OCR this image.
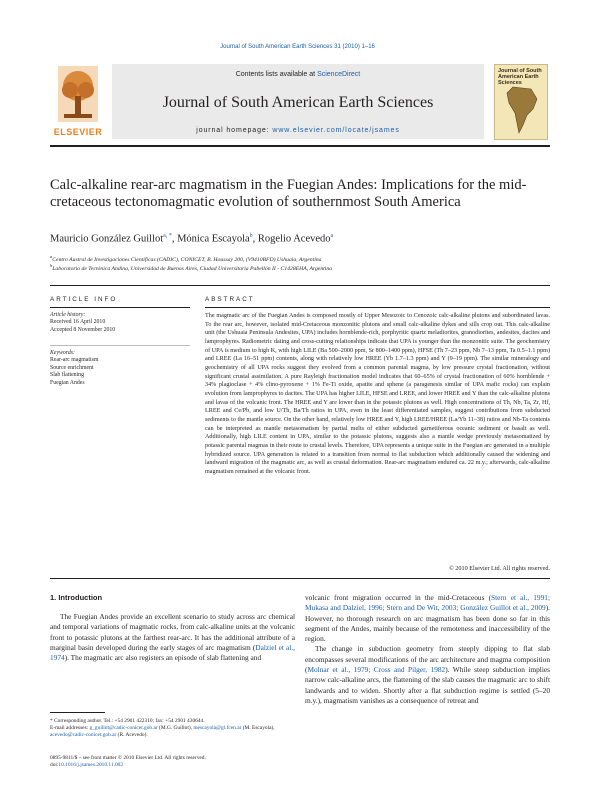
Journal of South American Earth Sciences 31 (2010) 1–16
ELSEVIER
Contents lists available at ScienceDirect
Journal of South American Earth Sciences
journal homepage: www.elsevier.com/locate/jsames
Journal of South American Earth Sciences
Calc-alkaline rear-arc magmatism in the Fuegian Andes: Implications for the mid-cretaceous tectonomagmatic evolution of southernmost South America
Mauricio González Guillot$^{a, *}$, Mónica Escayola$^b$, Rogelio Acevedo$^a$
$^a$Centro Austral de Investigaciones Científicas (CADIC), CONICET, B. Houssay 200, (V9410BFD) Ushuaia, Argentina
$^b$Laboratorio de Tectónica Andina, Universidad de Buenos Aires, Ciudad Universitaria Pabellón II - C1428EHA, Argentina
ARTICLE INFO	ABSTRACT
Article history:
Received 16 April 2010
Accepted 8 November 2010
Keywords:
Rear-arc magmatism
Source enrichment
Slab flattening
Fuegian Andes
The magmatic arc of the Fuegian Andes is composed mostly of Upper Mesozoic to Cenozoic calc-alkaline plutons and subordinated lavas. To the rear arc, however, isolated mid-Cretaceous monzonitic plutons and small calc-alkaline dykes and sills crop out. This calc-alkaline unit (the Ushuaia Peninsula Andesites, UPA) includes hornblende-rich, porphyritic quartz meladiorites, granodiorites, andesites, dacites and lamprophyres. Radiometric dating and cross-cutting relationships indicate that UPA is younger than the monzonitic suite. The geochemistry of UPA is medium to high K, with high LILE (Ba 500–2000 ppm, Sr 800–1400 ppm), HFSE (Th 7–23 ppm, Nb 7–13 ppm, Ta 0.5–1.1 ppm) and LREE (La 16–51 ppm) contents, along with relatively low HREE (Yb 1.7–1.3 ppm) and Y (9–19 ppm). The similar mineralogy and geochemistry of all UPA rocks suggest they evolved from a common parental magma, by low pressure crystal fractionation, without significant crustal assimilation. A pure Rayleigh fractionation model indicates that 60–65% of crystal fractionation of 60% hornblende + 34% plagioclase + 4% clino-pyroxene + 1% Fe-Ti oxide, apatite and sphene (a paragenesis similar of UPA mafic rocks) can explain evolution from lamprophyres to dacites. The UPA has higher LILE, HFSE and LREE, and lower HREE and Y than the calc-alkaline plutons and lavas of the volcanic front. The HREE and Y are lower than in the potassic plutons as well. High concentrations of Th, Nb, Ta, Zr, Hf, LREE and Ce/Pb, and low U/Th, Ba/Th ratios in UPA, even in the least differentiated samples, suggest contributions from subducted sediments to the mantle source. On the other hand, relatively low HREE and Y, high LREE/HREE (La/Yb 11–38) ratios and Nb-Ta contents can be interpreted as mantle metasomatism by partial melts of either subducted garnetiferous oceanic sediment or basalt as well. Additionally, high LILE content in UPA, similar to the potassic plutons, suggests also a mantle wedge previously metasomatized by potassic parental magmas in their route to crustal levels. Therefore, UPA represents a unique suite in the Fuegian arc generated in a multiple hybridized source. UPA generation is related to a transition from normal to flat subduction which additionally caused the widening and landward migration of the magmatic arc, as well as crustal deformation. Rear-arc magmatism endured ca. 22 m.y.; afterwards, calc-alkaline magmatism remained at the volcanic front.
© 2010 Elsevier Ltd. All rights reserved.
1. Introduction

The Fuegian Andes provide an excellent scenario to study across arc chemical and temporal variations of magmatic rocks, from calc-alkaline units at the volcanic front to potassic plutons at the farthest rear-arc. It has the additional attribute of a marginal basin developed during the early stages of arc magmatism (Dalziel et al., 1974). The magmatic arc also registers an episode of slab flattening and

* Corresponding author. Tel.: +54 2901 422310; fax: +54 2901 430644.
E-mail addresses: g_guillot@cadic-conicet.gob.ar (M.G. Guillot), mescayola@gl.fcen.ar (M. Escayola), acevedo@cadic-conicet.gob.ar (R. Acevedo).
0895-9811/$ – see front matter © 2010 Elsevier Ltd. All rights reserved.
doi:10.1016/j.jsames.2010.11.002

volcanic front migration occurred in the mid-Cretaceous (Stern et al., 1991; Mukasa and Dalziel, 1996; Stern and De Wit, 2003; González Guillot et al., 2009). However, no thorough research on arc magmatism has been done so far in this segment of the Andes, mainly because of the remoteness and inaccessibility of the region.

The change in subduction geometry from steeply dipping to flat slab encompasses several modifications of the arc architecture and magma composition (Molnar et al., 1979; Cross and Pilger, 1982). While steep subduction implies narrow calc-alkaline arcs, the flattening of the slab causes the magmatic arc to shift landwards and to widen. Shortly after a flat subduction regime is settled (5–20 m.y.), magmatism vanishes as a consequence of retreat and
